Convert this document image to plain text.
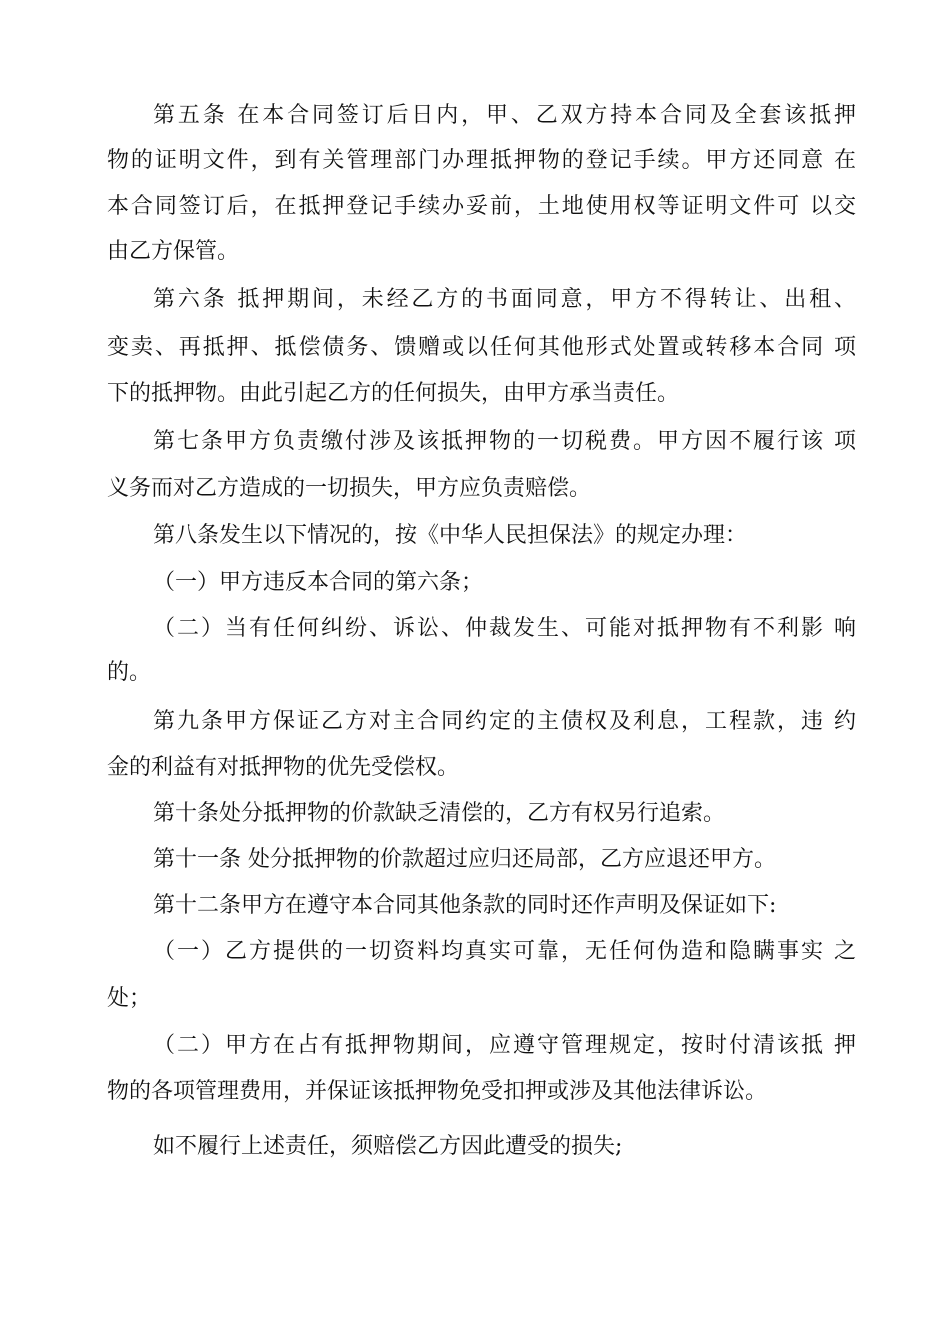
第五条 在本合同签订后日内，甲、乙双方持本合同及全套该抵押
物的证明文件，到有关管理部门办理抵押物的登记手续。甲方还同意 在
本合同签订后，在抵押登记手续办妥前，土地使用权等证明文件可 以交
由乙方保管。
第六条 抵押期间，未经乙方的书面同意，甲方不得转让、出租、
变卖、再抵押、抵偿债务、馈赠或以任何其他形式处置或转移本合同 项
下的抵押物。由此引起乙方的任何损失，由甲方承当责任。
第七条甲方负责缴付涉及该抵押物的一切税费。甲方因不履行该 项
义务而对乙方造成的一切损失，甲方应负责赔偿。
第八条发生以下情况的，按《中华人民担保法》的规定办理：
（一）甲方违反本合同的第六条；
（二）当有任何纠纷、诉讼、仲裁发生、可能对抵押物有不利影 响
的。
第九条甲方保证乙方对主合同约定的主债权及利息，工程款，违 约
金的利益有对抵押物的优先受偿权。
第十条处分抵押物的价款缺乏清偿的，乙方有权另行追索。
第十一条 处分抵押物的价款超过应归还局部，乙方应退还甲方。
第十二条甲方在遵守本合同其他条款的同时还作声明及保证如下:
（一）乙方提供的一切资料均真实可靠，无任何伪造和隐瞒事实 之
处；
（二）甲方在占有抵押物期间，应遵守管理规定，按时付清该抵 押
物的各项管理费用，并保证该抵押物免受扣押或涉及其他法律诉讼。
如不履行上述责任，须赔偿乙方因此遭受的损失;
